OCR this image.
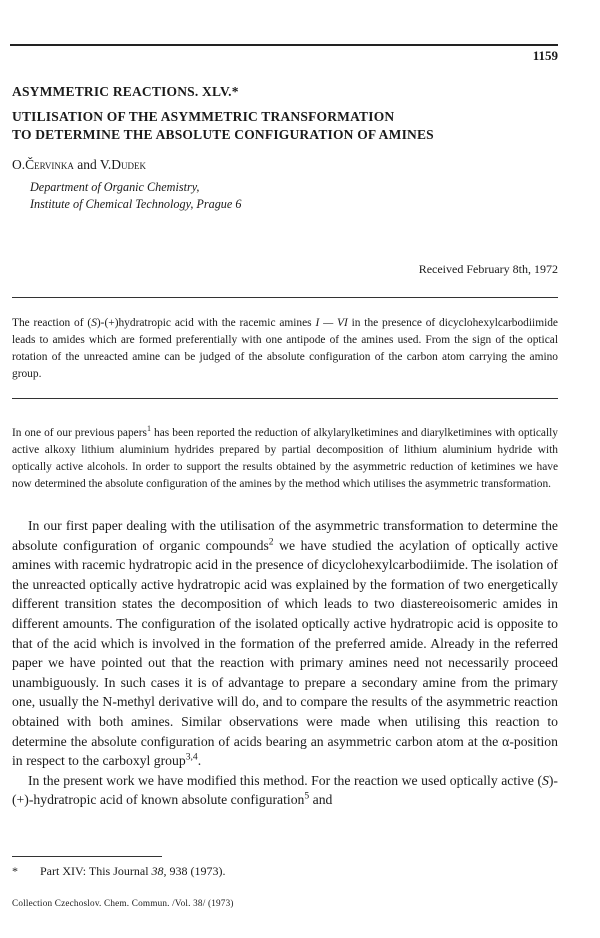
1159
ASYMMETRIC REACTIONS. XLV.*
UTILISATION OF THE ASYMMETRIC TRANSFORMATION
TO DETERMINE THE ABSOLUTE CONFIGURATION OF AMINES
O.Červinka and V.Dudek
Department of Organic Chemistry,
Institute of Chemical Technology, Prague 6
Received February 8th, 1972
The reaction of (S)-(+)hydratropic acid with the racemic amines I — VI in the presence of dicyclohexylcarbodiimide leads to amides which are formed preferentially with one antipode of the amines used. From the sign of the optical rotation of the unreacted amine can be judged of the absolute configuration of the carbon atom carrying the amino group.
In one of our previous papers$^1$ has been reported the reduction of alkylarylketimines and diarylketimines with optically active alkoxy lithium aluminium hydrides prepared by partial decomposition of lithium aluminium hydride with optically active alcohols. In order to support the results obtained by the asymmetric reduction of ketimines we have now determined the absolute configuration of the amines by the method which utilises the asymmetric transformation.

In our first paper dealing with the utilisation of the asymmetric transformation to determine the absolute configuration of organic compounds$^2$ we have studied the acylation of optically active amines with racemic hydratropic acid in the presence of dicyclohexylcarbodiimide. The isolation of the unreacted optically active hydratropic acid was explained by the formation of two energetically different transition states the decomposition of which leads to two diastereoisomeric amides in different amounts. The configuration of the isolated optically active hydratropic acid is opposite to that of the acid which is involved in the formation of the preferred amide. Already in the referred paper we have pointed out that the reaction with primary amines need not necessarily proceed unambiguously. In such cases it is of advantage to prepare a secondary amine from the primary one, usually the N-methyl derivative will do, and to compare the results of the asymmetric reaction obtained with both amines. Similar observations were made when utilising this reaction to determine the absolute configuration of acids bearing an asymmetric carbon atom at the α-position in respect to the carboxyl group$^{3,4}$.

In the present work we have modified this method. For the reaction we used optically active (S)-(+)-hydratropic acid of known absolute configuration$^5$ and

* Part XIV: This Journal 38, 938 (1973).
Collection Czechoslov. Chem. Commun. /Vol. 38/ (1973)
